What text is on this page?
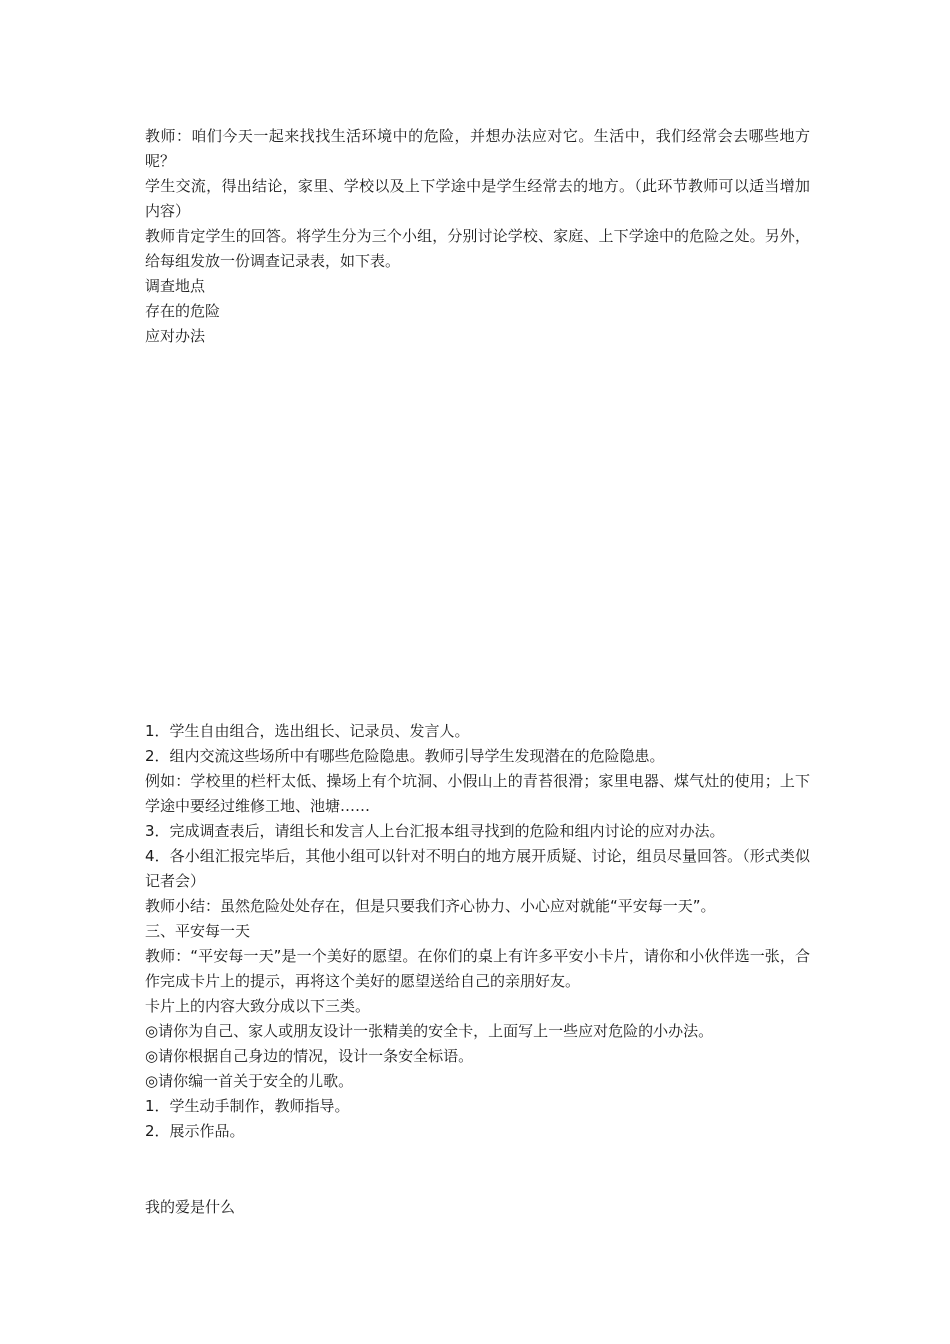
教师：咱们今天一起来找找生活环境中的危险，并想办法应对它。生活中，我们经常会去哪些地方呢？

学生交流，得出结论，家里、学校以及上下学途中是学生经常去的地方。（此环节教师可以适当增加内容）

教师肯定学生的回答。将学生分为三个小组，分别讨论学校、家庭、上下学途中的危险之处。另外，给每组发放一份调查记录表，如下表。

调查地点

存在的危险

应对办法

1．学生自由组合，选出组长、记录员、发言人。

2．组内交流这些场所中有哪些危险隐患。教师引导学生发现潜在的危险隐患。

例如：学校里的栏杆太低、操场上有个坑洞、小假山上的青苔很滑；家里电器、煤气灶的使用；上下学途中要经过维修工地、池塘……

3．完成调查表后，请组长和发言人上台汇报本组寻找到的危险和组内讨论的应对办法。

4．各小组汇报完毕后，其他小组可以针对不明白的地方展开质疑、讨论，组员尽量回答。（形式类似记者会）

教师小结：虽然危险处处存在，但是只要我们齐心协力、小心应对就能“平安每一天”。

三、平安每一天

教师：“平安每一天”是一个美好的愿望。在你们的桌上有许多平安小卡片，请你和小伙伴选一张，合作完成卡片上的提示，再将这个美好的愿望送给自己的亲朋好友。

卡片上的内容大致分成以下三类。

◎请你为自己、家人或朋友设计一张精美的安全卡，上面写上一些应对危险的小办法。

◎请你根据自己身边的情况，设计一条安全标语。

◎请你编一首关于安全的儿歌。

1．学生动手制作，教师指导。

2．展示作品。

我的爱是什么
